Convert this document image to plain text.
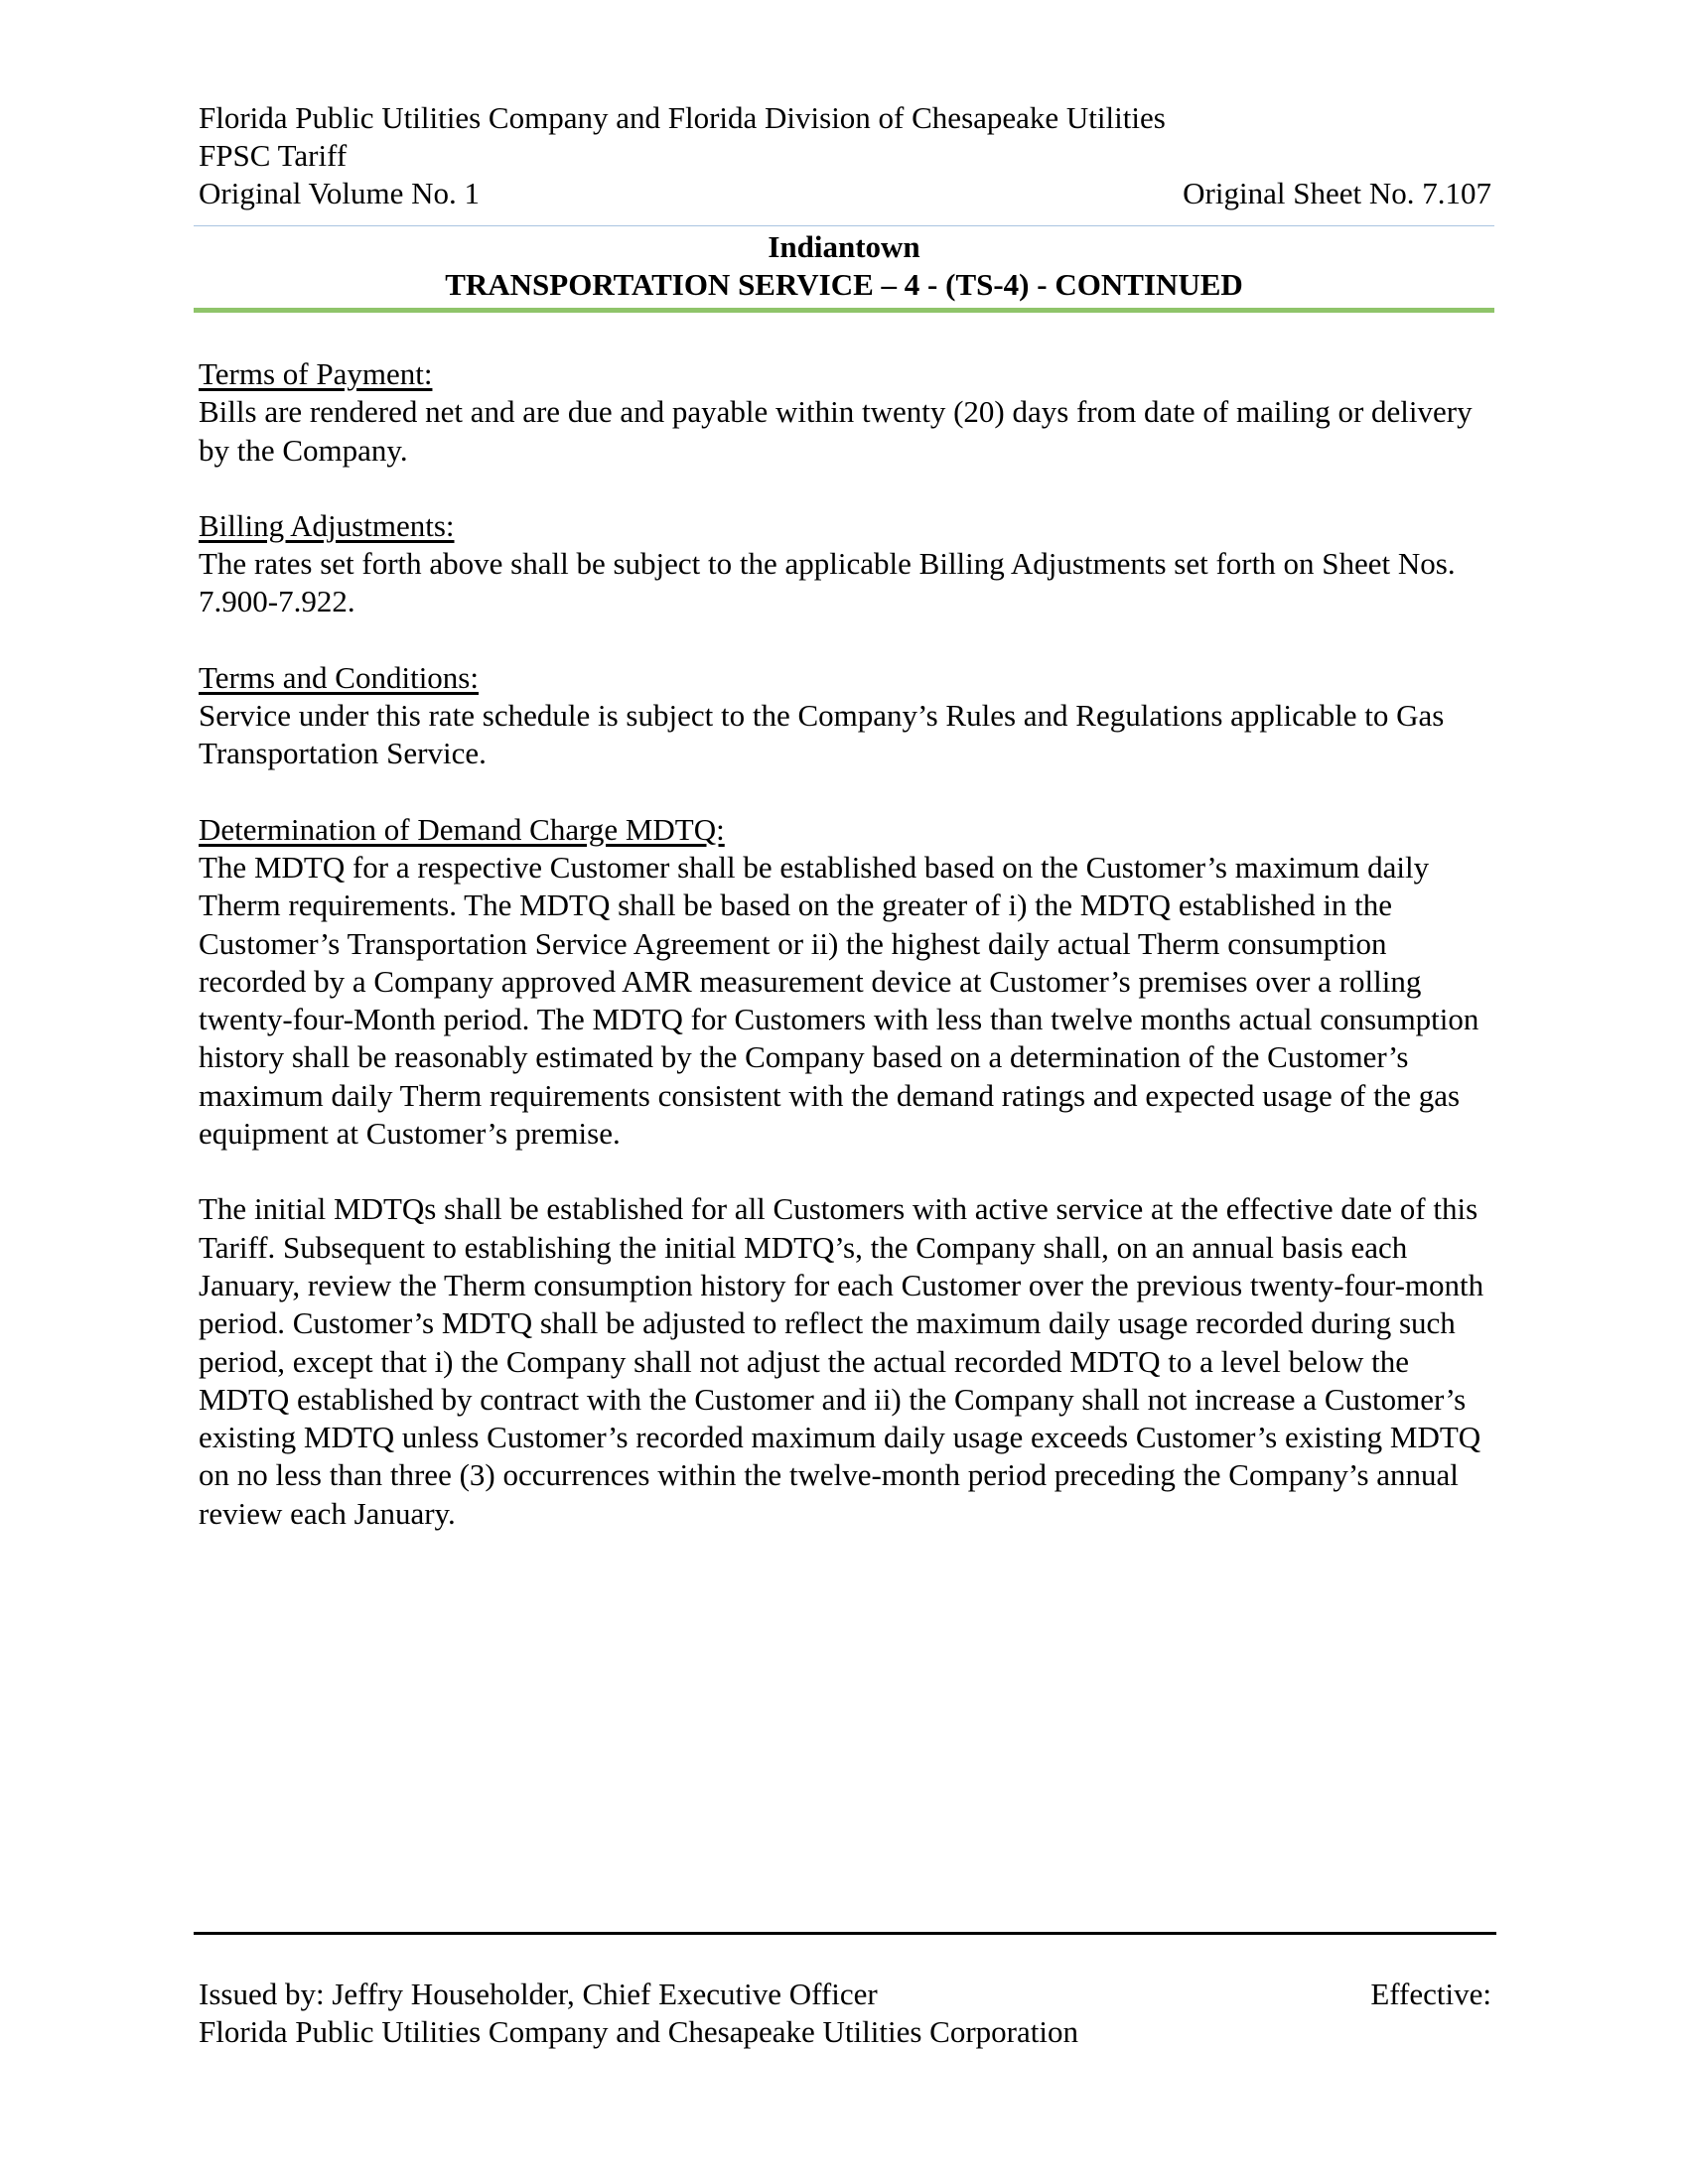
Florida Public Utilities Company and Florida Division of Chesapeake Utilities
FPSC Tariff
Original Volume No. 1	Original Sheet No. 7.107
Indiantown
TRANSPORTATION SERVICE – 4 - (TS-4) - CONTINUED
Terms of Payment:

Bills are rendered net and are due and payable within twenty (20) days from date of mailing or delivery by the Company.

Billing Adjustments:

The rates set forth above shall be subject to the applicable Billing Adjustments set forth on Sheet Nos. 7.900-7.922.

Terms and Conditions:

Service under this rate schedule is subject to the Company’s Rules and Regulations applicable to Gas Transportation Service.

Determination of Demand Charge MDTQ:

The MDTQ for a respective Customer shall be established based on the Customer’s maximum daily Therm requirements. The MDTQ shall be based on the greater of i) the MDTQ established in the Customer’s Transportation Service Agreement or ii) the highest daily actual Therm consumption recorded by a Company approved AMR measurement device at Customer’s premises over a rolling twenty-four-Month period. The MDTQ for Customers with less than twelve months actual consumption history shall be reasonably estimated by the Company based on a determination of the Customer’s maximum daily Therm requirements consistent with the demand ratings and expected usage of the gas equipment at Customer’s premise.

The initial MDTQs shall be established for all Customers with active service at the effective date of this Tariff. Subsequent to establishing the initial MDTQ’s, the Company shall, on an annual basis each January, review the Therm consumption history for each Customer over the previous twenty-four-month period. Customer’s MDTQ shall be adjusted to reflect the maximum daily usage recorded during such period, except that i) the Company shall not adjust the actual recorded MDTQ to a level below the MDTQ established by contract with the Customer and ii) the Company shall not increase a Customer’s existing MDTQ unless Customer’s recorded maximum daily usage exceeds Customer’s existing MDTQ on no less than three (3) occurrences within the twelve-month period preceding the Company’s annual review each January.

Issued by: Jeffry Householder, Chief Executive Officer	Effective:
Florida Public Utilities Company and Chesapeake Utilities Corporation
